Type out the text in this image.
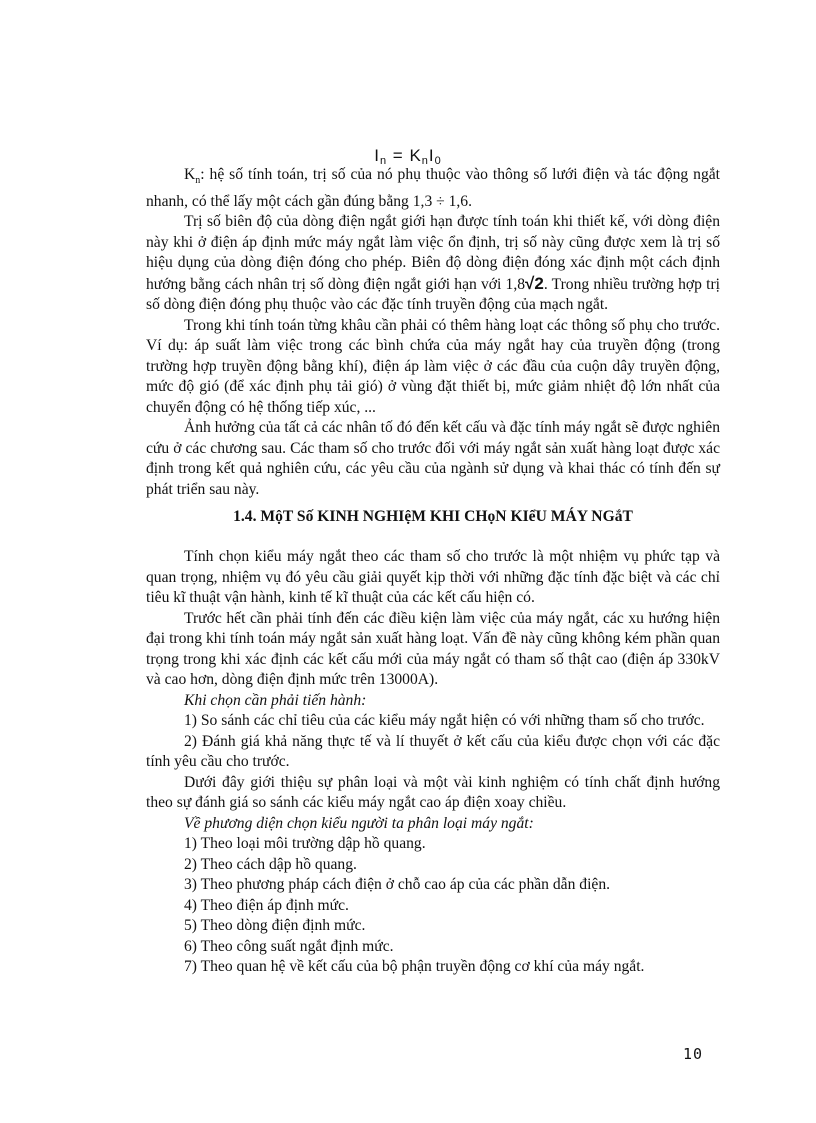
$I_n = K_nI_0$

$K_n$: hệ số tính toán, trị số của nó phụ thuộc vào thông số lưới điện và tác động ngắt nhanh, có thể lấy một cách gần đúng bằng 1,3 ÷ 1,6.

Trị số biên độ của dòng điện ngắt giới hạn được tính toán khi thiết kế, với dòng điện này khi ở điện áp định mức máy ngắt làm việc ổn định, trị số này cũng được xem là trị số hiệu dụng của dòng điện đóng cho phép. Biên độ dòng điện đóng xác định một cách định hướng bằng cách nhân trị số dòng điện ngắt giới hạn với 1,8√2. Trong nhiều trường hợp trị số dòng điện đóng phụ thuộc vào các đặc tính truyền động của mạch ngắt.

Trong khi tính toán từng khâu cần phải có thêm hàng loạt các thông số phụ cho trước. Ví dụ: áp suất làm việc trong các bình chứa của máy ngắt hay của truyền động (trong trường hợp truyền động bằng khí), điện áp làm việc ở các đầu của cuộn dây truyền động, mức độ gió (để xác định phụ tải gió) ở vùng đặt thiết bị, mức giảm nhiệt độ lớn nhất của chuyển động có hệ thống tiếp xúc, ...

Ảnh hưởng của tất cả các nhân tố đó đến kết cấu và đặc tính máy ngắt sẽ được nghiên cứu ở các chương sau. Các tham số cho trước đối với máy ngắt sản xuất hàng loạt được xác định trong kết quả nghiên cứu, các yêu cầu của ngành sử dụng và khai thác có tính đến sự phát triển sau này.

1.4. MộT Số KINH NGHIệM KHI CHọN KIểU MÁY NGắT

Tính chọn kiểu máy ngắt theo các tham số cho trước là một nhiệm vụ phức tạp và quan trọng, nhiệm vụ đó yêu cầu giải quyết kịp thời với những đặc tính đặc biệt và các chỉ tiêu kĩ thuật vận hành, kinh tế kĩ thuật của các kết cấu hiện có.

Trước hết cần phải tính đến các điều kiện làm việc của máy ngắt, các xu hướng hiện đại trong khi tính toán máy ngắt sản xuất hàng loạt. Vấn đề này cũng không kém phần quan trọng trong khi xác định các kết cấu mới của máy ngắt có tham số thật cao (điện áp 330kV và cao hơn, dòng điện định mức trên 13000A).

Khi chọn cần phải tiến hành:

1) So sánh các chỉ tiêu của các kiểu máy ngắt hiện có với những tham số cho trước.

2) Đánh giá khả năng thực tế và lí thuyết ở kết cấu của kiểu được chọn với các đặc tính yêu cầu cho trước.

Dưới đây giới thiệu sự phân loại và một vài kinh nghiệm có tính chất định hướng theo sự đánh giá so sánh các kiểu máy ngắt cao áp điện xoay chiều.

Về phương diện chọn kiểu người ta phân loại máy ngắt:

1) Theo loại môi trường dập hồ quang.

2) Theo cách dập hồ quang.

3) Theo phương pháp cách điện ở chỗ cao áp của các phần dẫn điện.

4) Theo điện áp định mức.

5) Theo dòng điện định mức.

6) Theo công suất ngắt định mức.

7) Theo quan hệ về kết cấu của bộ phận truyền động cơ khí của máy ngắt.

10
